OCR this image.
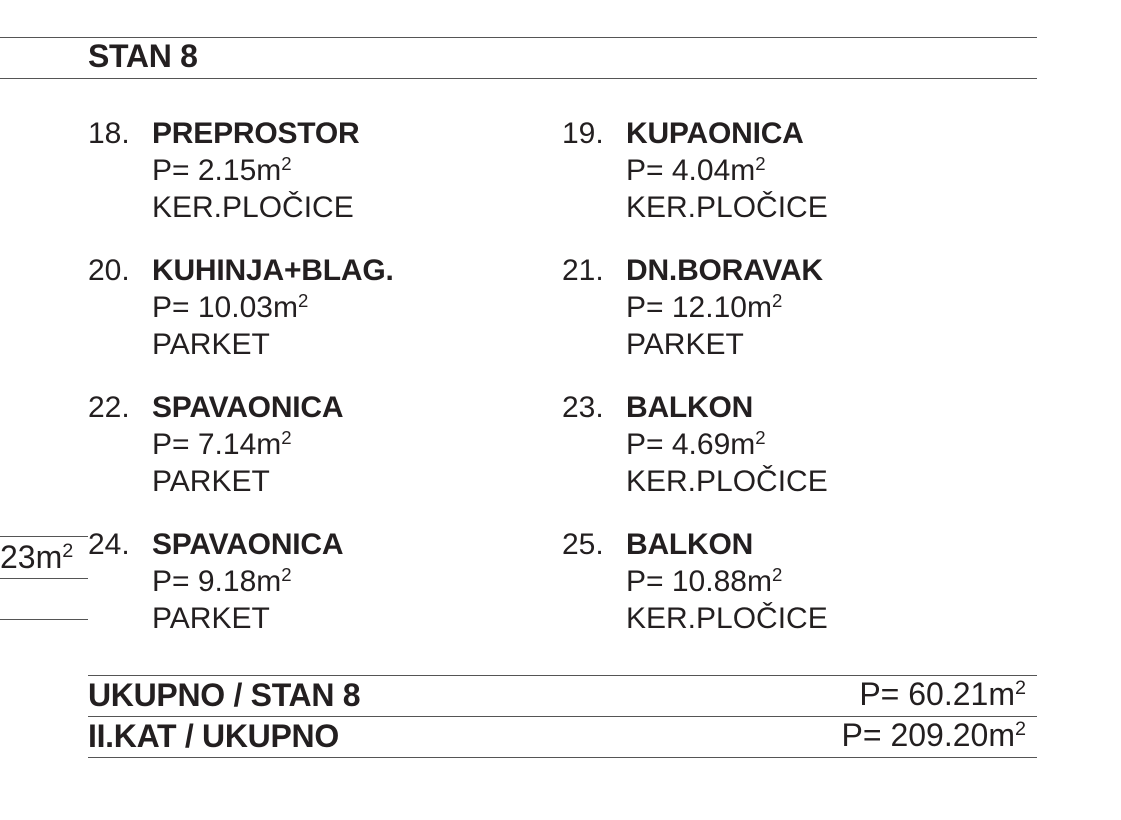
STAN 8
18. PREPROSTOR
$P= 2.15m^2$
KER.PLOČICE
20. KUHINJA+BLAG.
$P= 10.03m^2$
PARKET
22. SPAVAONICA
$P= 7.14m^2$
PARKET
24. SPAVAONICA
$P= 9.18m^2$
PARKET
19. KUPAONICA
$P= 4.04m^2$
KER.PLOČICE
21. DN.BORAVAK
$P= 12.10m^2$
PARKET
23. BALKON
$P= 4.69m^2$
KER.PLOČICE
25. BALKON
$P= 10.88m^2$
KER.PLOČICE
$23m^2$
UKUPNO / STAN 8	$P= 60.21m^2$
II.KAT / UKUPNO	$P= 209.20m^2$
